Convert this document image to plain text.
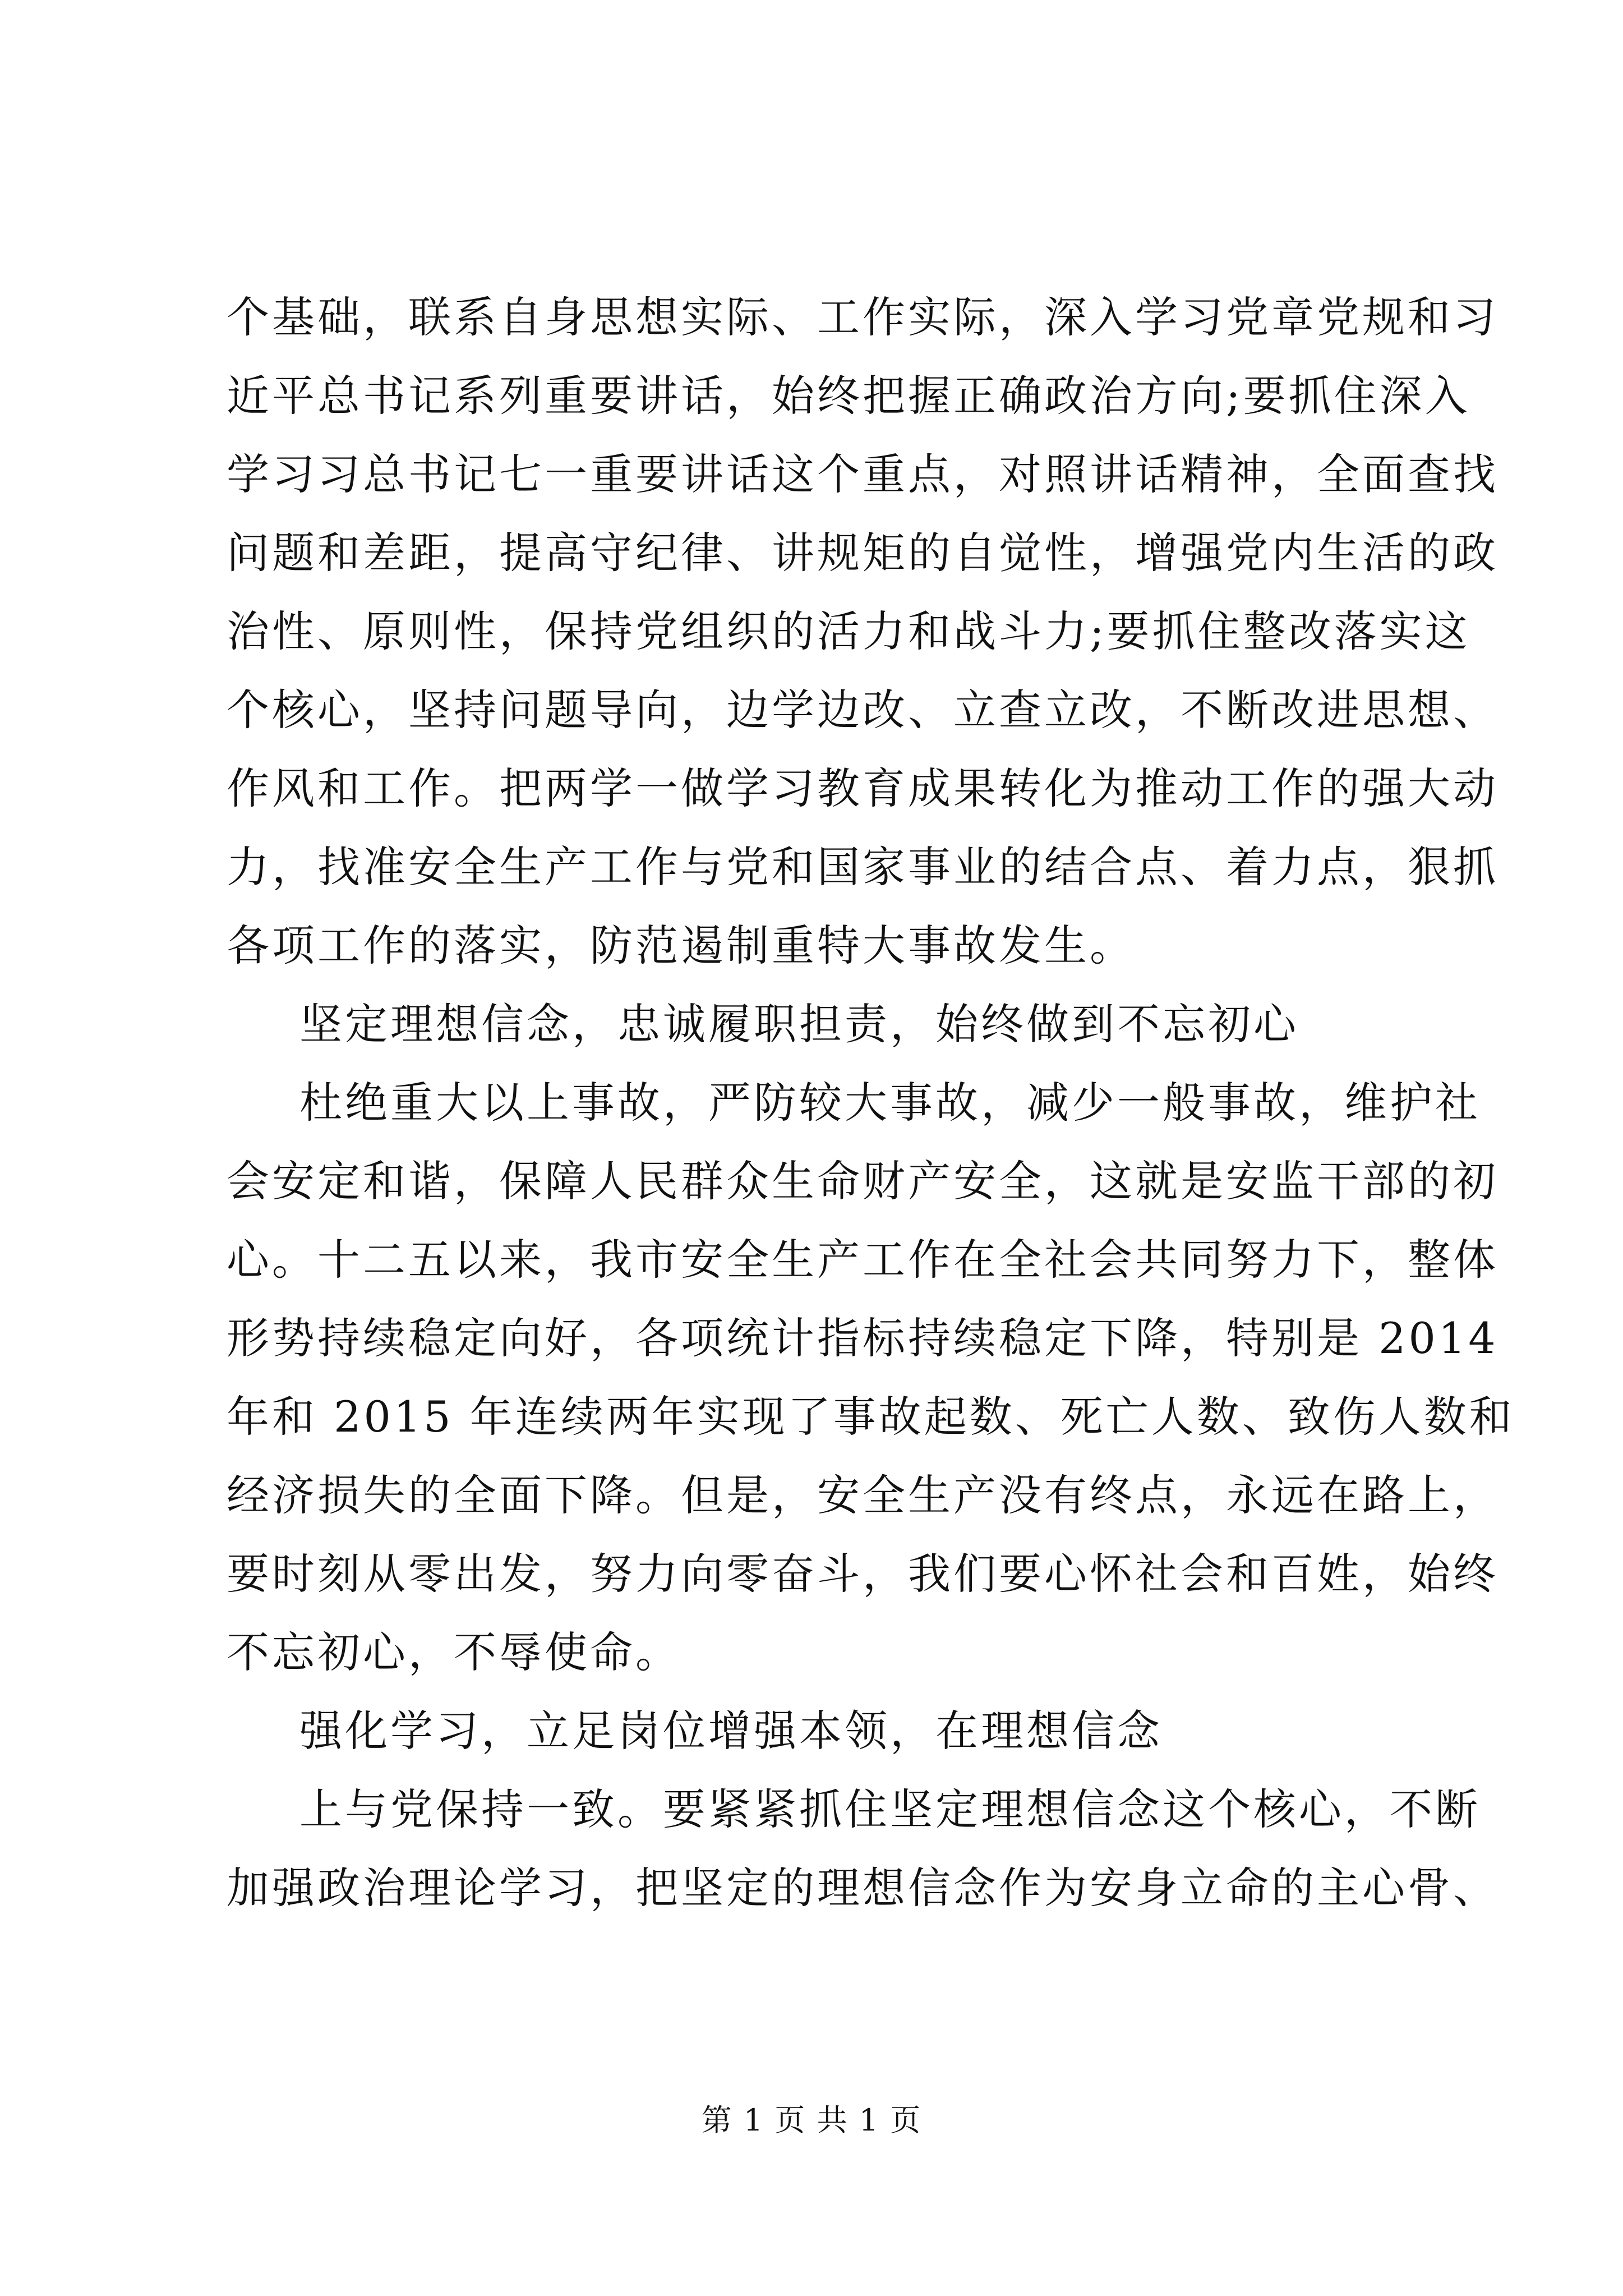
个基础，联系自身思想实际、工作实际，深入学习党章党规和习
近平总书记系列重要讲话，始终把握正确政治方向;要抓住深入
学习习总书记七一重要讲话这个重点，对照讲话精神，全面查找
问题和差距，提高守纪律、讲规矩的自觉性，增强党内生活的政
治性、原则性，保持党组织的活力和战斗力;要抓住整改落实这
个核心，坚持问题导向，边学边改、立查立改，不断改进思想、
作风和工作。把两学一做学习教育成果转化为推动工作的强大动
力，找准安全生产工作与党和国家事业的结合点、着力点，狠抓
各项工作的落实，防范遏制重特大事故发生。
坚定理想信念，忠诚履职担责，始终做到不忘初心
杜绝重大以上事故，严防较大事故，减少一般事故，维护社
会安定和谐，保障人民群众生命财产安全，这就是安监干部的初
心。十二五以来，我市安全生产工作在全社会共同努力下，整体
形势持续稳定向好，各项统计指标持续稳定下降，特别是 2014
年和 2015 年连续两年实现了事故起数、死亡人数、致伤人数和
经济损失的全面下降。但是，安全生产没有终点，永远在路上，
要时刻从零出发，努力向零奋斗，我们要心怀社会和百姓，始终
不忘初心，不辱使命。
强化学习，立足岗位增强本领，在理想信念
上与党保持一致。要紧紧抓住坚定理想信念这个核心，不断
加强政治理论学习，把坚定的理想信念作为安身立命的主心骨、
第 1 页 共 1 页
